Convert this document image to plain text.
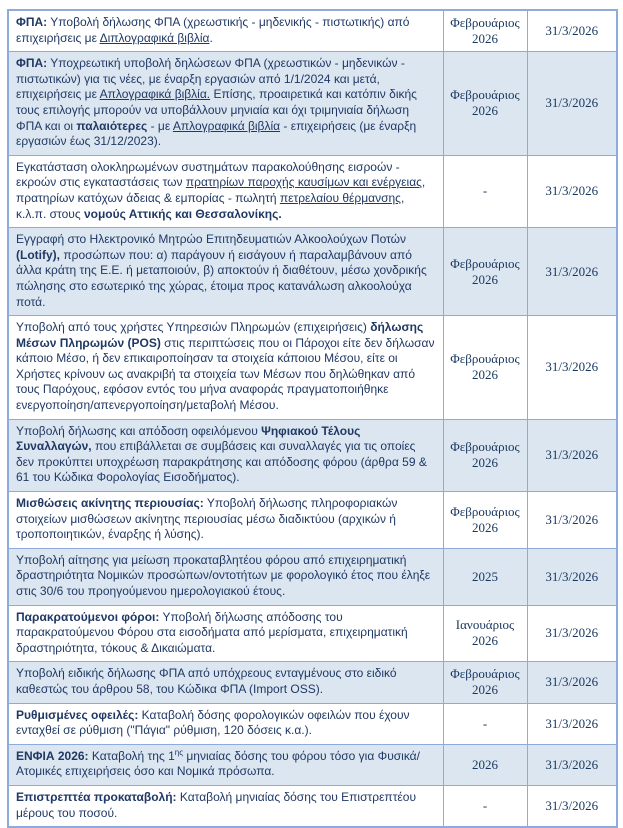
ΦΠΑ: Υποβολή δήλωσης ΦΠΑ (χρεωστικής - μηδενικής - πιστωτικής) από επιχειρήσεις με Διπλογραφικά βιβλία.	Φεβρουάριος 2026	31/3/2026
ΦΠΑ: Υποχρεωτική υποβολή δηλώσεων ΦΠΑ (χρεωστικών - μηδενικών - πιστωτικών) για τις νέες, με έναρξη εργασιών από 1/1/2024 και μετά, επιχειρήσεις με Απλογραφικά βιβλία. Επίσης, προαιρετικά και κατόπιν δικής τους επιλογής μπορούν να υποβάλλουν μηνιαία και όχι τριμηνιαία δήλωση ΦΠΑ και οι παλαιότερες - με Απλογραφικά βιβλία - επιχειρήσεις (με έναρξη εργασιών έως 31/12/2023).	Φεβρουάριος 2026	31/3/2026
Εγκατάσταση ολοκληρωμένων συστημάτων παρακολούθησης εισροών - εκροών στις εγκαταστάσεις των πρατηρίων παροχής καυσίμων και ενέργειας, πρατηρίων κατόχων άδειας & εμπορίας - πωλητή πετρελαίου θέρμανσης, κ.λ.π. στους νομούς Αττικής και Θεσσαλονίκης.	-	31/3/2026
Εγγραφή στο Ηλεκτρονικό Μητρώο Επιτηδευματιών Αλκοολούχων Ποτών (Lotify), προσώπων που: α) παράγουν ή εισάγουν ή παραλαμβάνουν από άλλα κράτη της Ε.Ε. ή μεταποιούν, β) αποκτούν ή διαθέτουν, μέσω χονδρικής πώλησης στο εσωτερικό της χώρας, έτοιμα προς κατανάλωση αλκοολούχα ποτά.	Φεβρουάριος 2026	31/3/2026
Υποβολή από τους χρήστες Υπηρεσιών Πληρωμών (επιχειρήσεις) δήλωσης Μέσων Πληρωμών (POS) στις περιπτώσεις που οι Πάροχοι είτε δεν δήλωσαν κάποιο Μέσο, ή δεν επικαιροποίησαν τα στοιχεία κάποιου Μέσου, είτε οι Χρήστες κρίνουν ως ανακριβή τα στοιχεία των Μέσων που δηλώθηκαν από τους Παρόχους, εφόσον εντός του μήνα αναφοράς πραγματοποιήθηκε ενεργοποίηση/απενεργοποίηση/μεταβολή Μέσου.	Φεβρουάριος 2026	31/3/2026
Υποβολή δήλωσης και απόδοση οφειλόμενου Ψηφιακού Τέλους Συναλλαγών, που επιβάλλεται σε συμβάσεις και συναλλαγές για τις οποίες δεν προκύπτει υποχρέωση παρακράτησης και απόδοσης φόρου (άρθρα 59 & 61 του Κώδικα Φορολογίας Εισοδήματος).	Φεβρουάριος 2026	31/3/2026
Μισθώσεις ακίνητης περιουσίας: Υποβολή δήλωσης πληροφοριακών στοιχείων μισθώσεων ακίνητης περιουσίας μέσω διαδικτύου (αρχικών ή τροποποιητικών, έναρξης ή λύσης).	Φεβρουάριος 2026	31/3/2026
Υποβολή αίτησης για μείωση προκαταβλητέου φόρου από επιχειρηματική δραστηριότητα Νομικών προσώπων/οντοτήτων με φορολογικό έτος που έληξε στις 30/6 του προηγούμενου ημερολογιακού έτους.	2025	31/3/2026
Παρακρατούμενοι φόροι: Υποβολή δήλωσης απόδοσης του παρακρατούμενου Φόρου στα εισοδήματα από μερίσματα, επιχειρηματική δραστηριότητα, τόκους & Δικαιώματα.	Ιανουάριος 2026	31/3/2026
Υποβολή ειδικής δήλωσης ΦΠΑ από υπόχρεους ενταγμένους στο ειδικό καθεστώς του άρθρου 58, του Κώδικα ΦΠΑ (Import OSS).	Φεβρουάριος 2026	31/3/2026
Ρυθμισμένες οφειλές: Καταβολή δόσης φορολογικών οφειλών που έχουν ενταχθεί σε ρύθμιση ("Πάγια" ρύθμιση, 120 δόσεις κ.α.).	-	31/3/2026
ΕΝΦΙΑ 2026: Καταβολή της $1^{\eta\varsigma}$ μηνιαίας δόσης του φόρου τόσο για Φυσικά/Ατομικές επιχειρήσεις όσο και Νομικά πρόσωπα.	2026	31/3/2026
Επιστρεπτέα προκαταβολή: Καταβολή μηνιαίας δόσης του Επιστρεπτέου μέρους του ποσού.	-	31/3/2026
